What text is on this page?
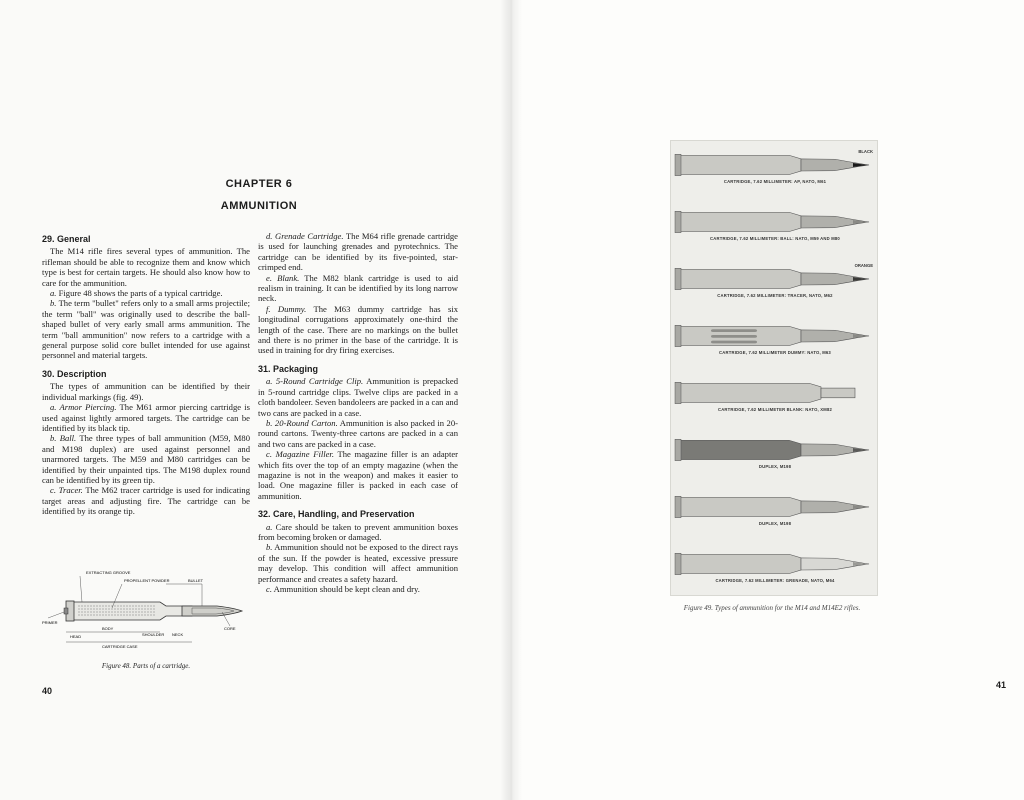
CHAPTER 6
AMMUNITION
29. General

The M14 rifle fires several types of ammunition. The rifleman should be able to recognize them and know which type is best for certain targets. He should also know how to care for the ammunition.

a. Figure 48 shows the parts of a typical cartridge.

b. The term "bullet" refers only to a small arms projectile; the term "ball" was originally used to describe the ball-shaped bullet of very early small arms ammunition. The term "ball ammunition" now refers to a cartridge with a general purpose solid core bullet intended for use against personnel and material targets.

30. Description

The types of ammunition can be identified by their individual markings (fig. 49).

a. Armor Piercing. The M61 armor piercing cartridge is used against lightly armored targets. The cartridge can be identified by its black tip.

b. Ball. The three types of ball ammunition (M59, M80 and M198 duplex) are used against personnel and unarmored targets. The M59 and M80 cartridges can be identified by their unpainted tips. The M198 duplex round can be identified by its green tip.

c. Tracer. The M62 tracer cartridge is used for indicating target areas and adjusting fire. The cartridge can be identified by its orange tip.

d. Grenade Cartridge. The M64 rifle grenade cartridge is used for launching grenades and pyrotechnics. The cartridge can be identified by its five-pointed, star-crimped end.

e. Blank. The M82 blank cartridge is used to aid realism in training. It can be identified by its long narrow neck.

f. Dummy. The M63 dummy cartridge has six longitudinal corrugations approximately one-third the length of the case. There are no markings on the bullet and there is no primer in the base of the cartridge. It is used in training for dry firing exercises.

31. Packaging

a. 5-Round Cartridge Clip. Ammunition is prepacked in 5-round cartridge clips. Twelve clips are packed in a cloth bandoleer. Seven bandoleers are packed in a can and two cans are packed in a case.

b. 20-Round Carton. Ammunition is also packed in 20-round cartons. Twenty-three cartons are packed in a can and two cans are packed in a case.

c. Magazine Filler. The magazine filler is an adapter which fits over the top of an empty magazine (when the magazine is not in the weapon) and makes it easier to load. One magazine filler is packed in each case of ammunition.

32. Care, Handling, and Preservation

a. Care should be taken to prevent ammunition boxes from becoming broken or damaged.

b. Ammunition should not be exposed to the direct rays of the sun. If the powder is heated, excessive pressure may develop. This condition will affect ammunition performance and creates a safety hazard.

c. Ammunition should be kept clean and dry.

EXTRACTING GROOVE
PROPELLENT POWDER	BULLET
PRIMER
BODY
SHOULDER NECK
HEAD
CORE
CARTRIDGE CASE
Figure 48. Parts of a cartridge.
40
BLACK
CARTRIDGE, 7.62 MILLIMETER: AP, NATO, M61
CARTRIDGE, 7.62 MILLIMETER: BALL: NATO, M59 AND M80
ORANGE
CARTRIDGE, 7.62 MILLIMETER: TRACER, NATO, M62
CARTRIDGE, 7.62 MILLIMETER DUMMY: NATO, M63
CARTRIDGE, 7.62 MILLIMETER BLANK: NATO, XM82
DUPLEX, M198
DUPLEX, M198
CARTRIDGE, 7.62 MILLIMETER: GRENADE, NATO, M64
Figure 49. Types of ammunition for the M14 and M14E2 rifles.
41
